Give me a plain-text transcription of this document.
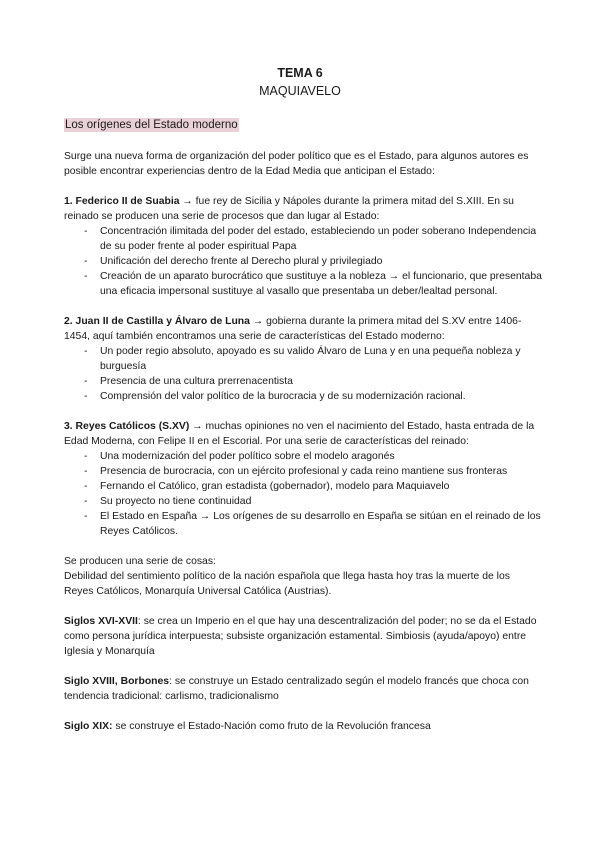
TEMA 6
MAQUIAVELO

Los orígenes del Estado moderno

Surge una nueva forma de organización del poder político que es el Estado, para algunos autores es posible encontrar experiencias dentro de la Edad Media que anticipan el Estado:

1. Federico II de Suabia → fue rey de Sicilia y Nápoles durante la primera mitad del S.XIII. En su reinado se producen una serie de procesos que dan lugar al Estado:

- Concentración ilimitada del poder del estado, estableciendo un poder soberano Independencia de su poder frente al poder espiritual Papa
- Unificación del derecho frente al Derecho plural y privilegiado
- Creación de un aparato burocrático que sustituye a la nobleza → el funcionario, que presentaba una eficacia impersonal sustituye al vasallo que presentaba un deber/lealtad personal.

2. Juan II de Castilla y Álvaro de Luna → gobierna durante la primera mitad del S.XV entre 1406-1454, aquí también encontramos una serie de características del Estado moderno:

- Un poder regio absoluto, apoyado es su valido Álvaro de Luna y en una pequeña nobleza y burguesía
- Presencia de una cultura prerrenacentista
- Comprensión del valor político de la burocracia y de su modernización racional.

3. Reyes Católicos (S.XV) → muchas opiniones no ven el nacimiento del Estado, hasta entrada de la Edad Moderna, con Felipe II en el Escorial. Por una serie de características del reinado:

- Una modernización del poder político sobre el modelo aragonés
- Presencia de burocracia, con un ejército profesional y cada reino mantiene sus fronteras
- Fernando el Católico, gran estadista (gobernador), modelo para Maquiavelo
- Su proyecto no tiene continuidad
- El Estado en España → Los orígenes de su desarrollo en España se sitúan en el reinado de los Reyes Católicos.

Se producen una serie de cosas:

Debilidad del sentimiento político de la nación española que llega hasta hoy tras la muerte de los Reyes Católicos, Monarquía Universal Católica (Austrias).

Siglos XVI-XVII: se crea un Imperio en el que hay una descentralización del poder; no se da el Estado como persona jurídica interpuesta; subsiste organización estamental. Simbiosis (ayuda/apoyo) entre Iglesia y Monarquía

Siglo XVIII, Borbones: se construye un Estado centralizado según el modelo francés que choca con tendencia tradicional: carlismo, tradicionalismo

Siglo XIX: se construye el Estado-Nación como fruto de la Revolución francesa
